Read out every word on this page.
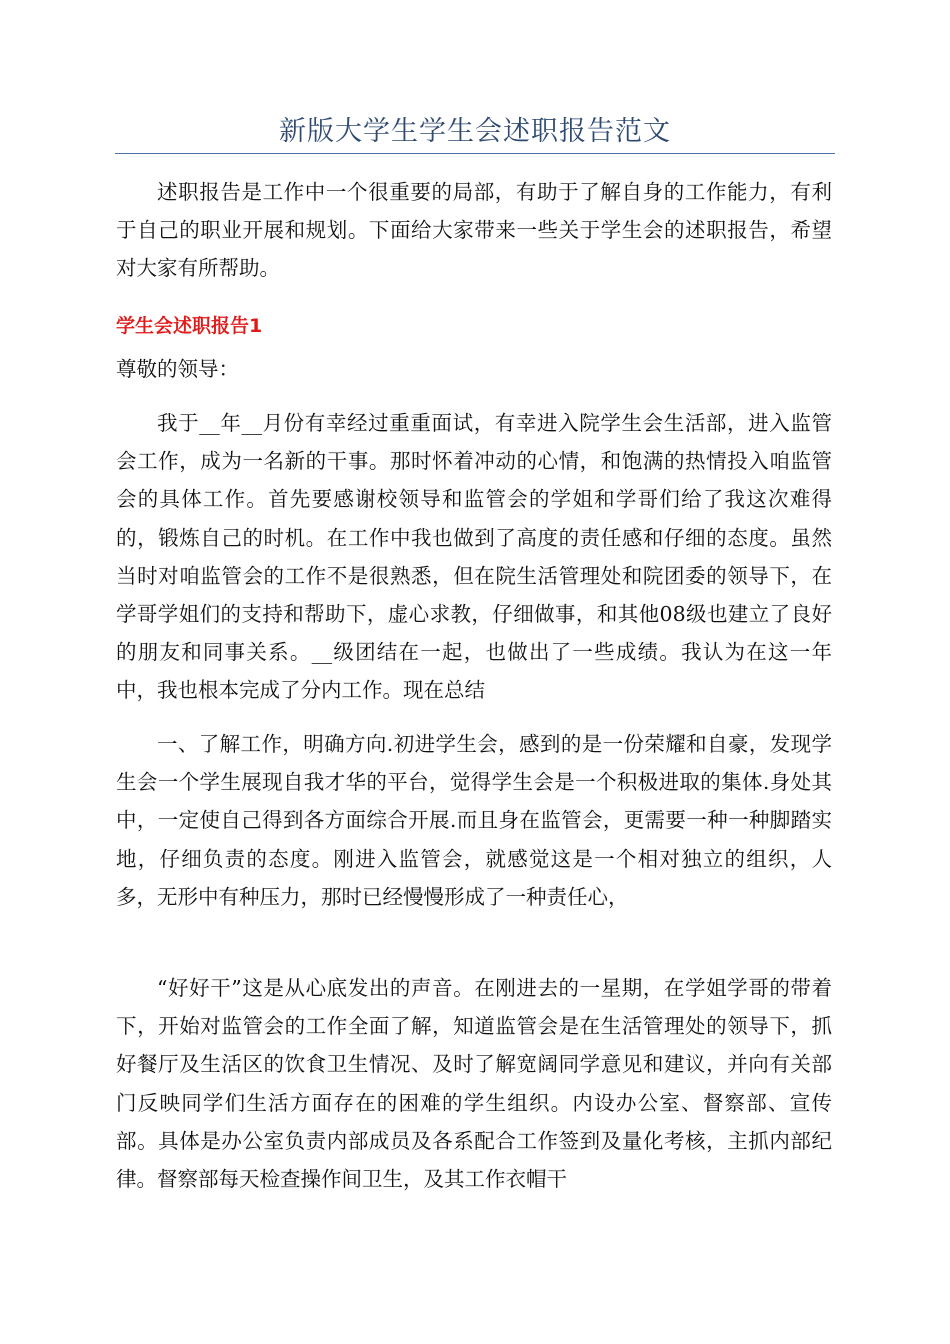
新版大学生学生会述职报告范文

述职报告是工作中一个很重要的局部，有助于了解自身的工作能力，有利于自己的职业开展和规划。下面给大家带来一些关于学生会的述职报告，希望对大家有所帮助。

学生会述职报告1

尊敬的领导：

我于__年__月份有幸经过重重面试，有幸进入院学生会生活部，进入监管会工作，成为一名新的干事。那时怀着冲动的心情，和饱满的热情投入咱监管会的具体工作。首先要感谢校领导和监管会的学姐和学哥们给了我这次难得的，锻炼自己的时机。在工作中我也做到了高度的责任感和仔细的态度。虽然当时对咱监管会的工作不是很熟悉，但在院生活管理处和院团委的领导下，在学哥学姐们的支持和帮助下，虚心求教，仔细做事，和其他08级也建立了良好的朋友和同事关系。__级团结在一起，也做出了一些成绩。我认为在这一年中，我也根本完成了分内工作。现在总结

一、了解工作，明确方向.初进学生会，感到的是一份荣耀和自豪，发现学生会一个学生展现自我才华的平台，觉得学生会是一个积极进取的集体.身处其中，一定使自己得到各方面综合开展.而且身在监管会，更需要一种一种脚踏实地，仔细负责的态度。刚进入监管会，就感觉这是一个相对独立的组织，人多，无形中有种压力，那时已经慢慢形成了一种责任心，

“好好干”这是从心底发出的声音。在刚进去的一星期，在学姐学哥的带着下，开始对监管会的工作全面了解，知道监管会是在生活管理处的领导下，抓好餐厅及生活区的饮食卫生情况、及时了解宽阔同学意见和建议，并向有关部门反映同学们生活方面存在的困难的学生组织。内设办公室、督察部、宣传部。具体是办公室负责内部成员及各系配合工作签到及量化考核，主抓内部纪律。督察部每天检查操作间卫生，及其工作衣帽干
